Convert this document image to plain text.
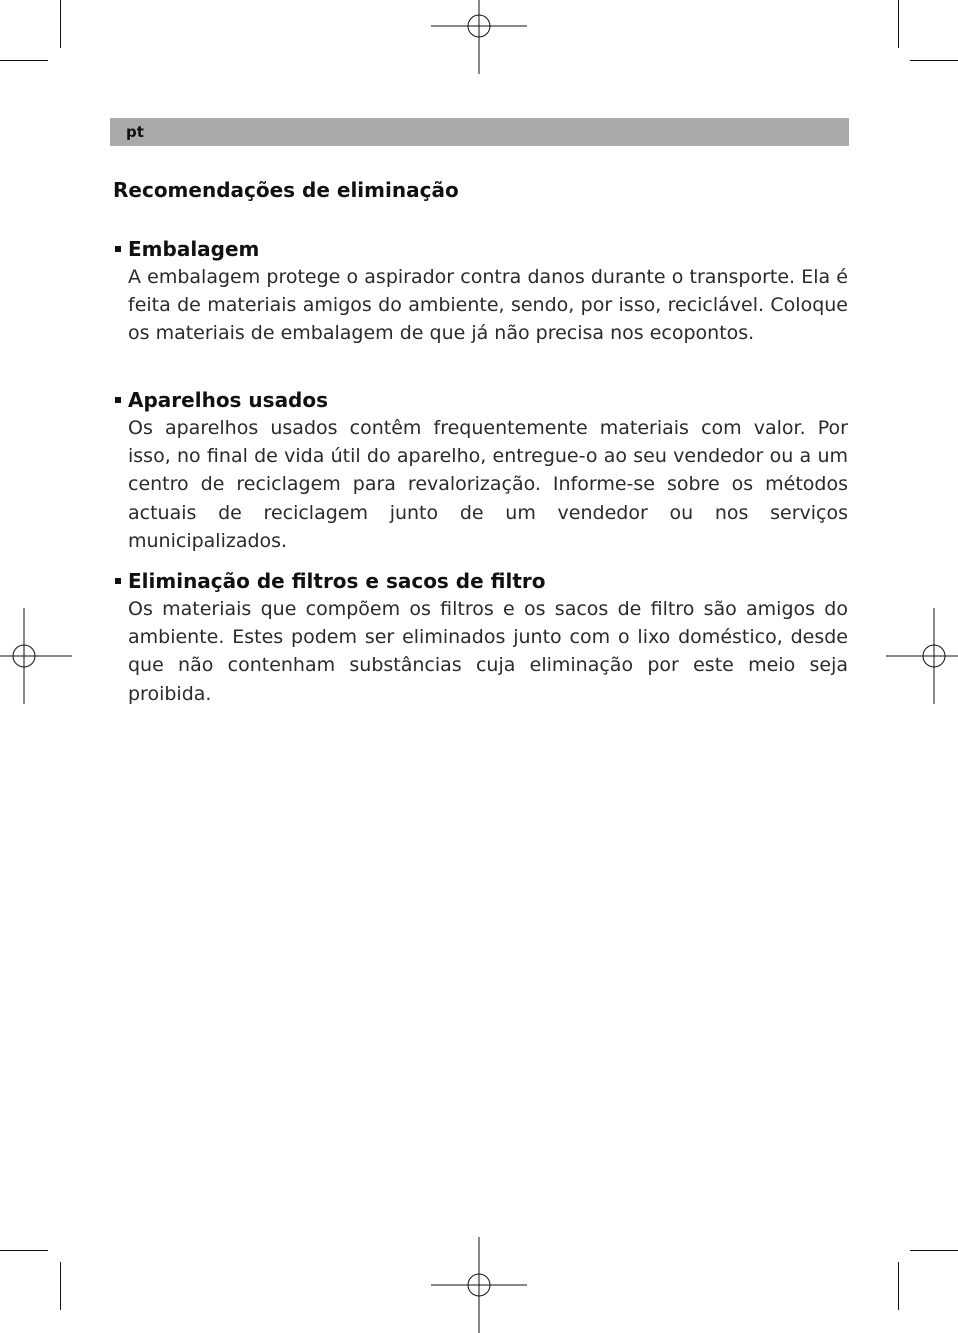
pt
Recomendações de eliminação
Embalagem

A embalagem protege o aspirador contra danos durante o transporte. Ela é feita de materiais amigos do ambiente, sendo, por isso, reciclável. Coloque os materiais de embalagem de que já não precisa nos ecopontos.

Aparelhos usados

Os aparelhos usados contêm frequentemente materiais com valor. Por isso, no final de vida útil do aparelho, entregue-o ao seu vendedor ou a um centro de reciclagem para revalorização. Informe-se sobre os métodos actuais de reciclagem junto de um vendedor ou nos serviços municipalizados.

Eliminação de filtros e sacos de filtro

Os materiais que compõem os filtros e os sacos de filtro são amigos do ambiente. Estes podem ser eliminados junto com o lixo doméstico, desde que não contenham substâncias cuja eliminação por este meio seja proibida.
